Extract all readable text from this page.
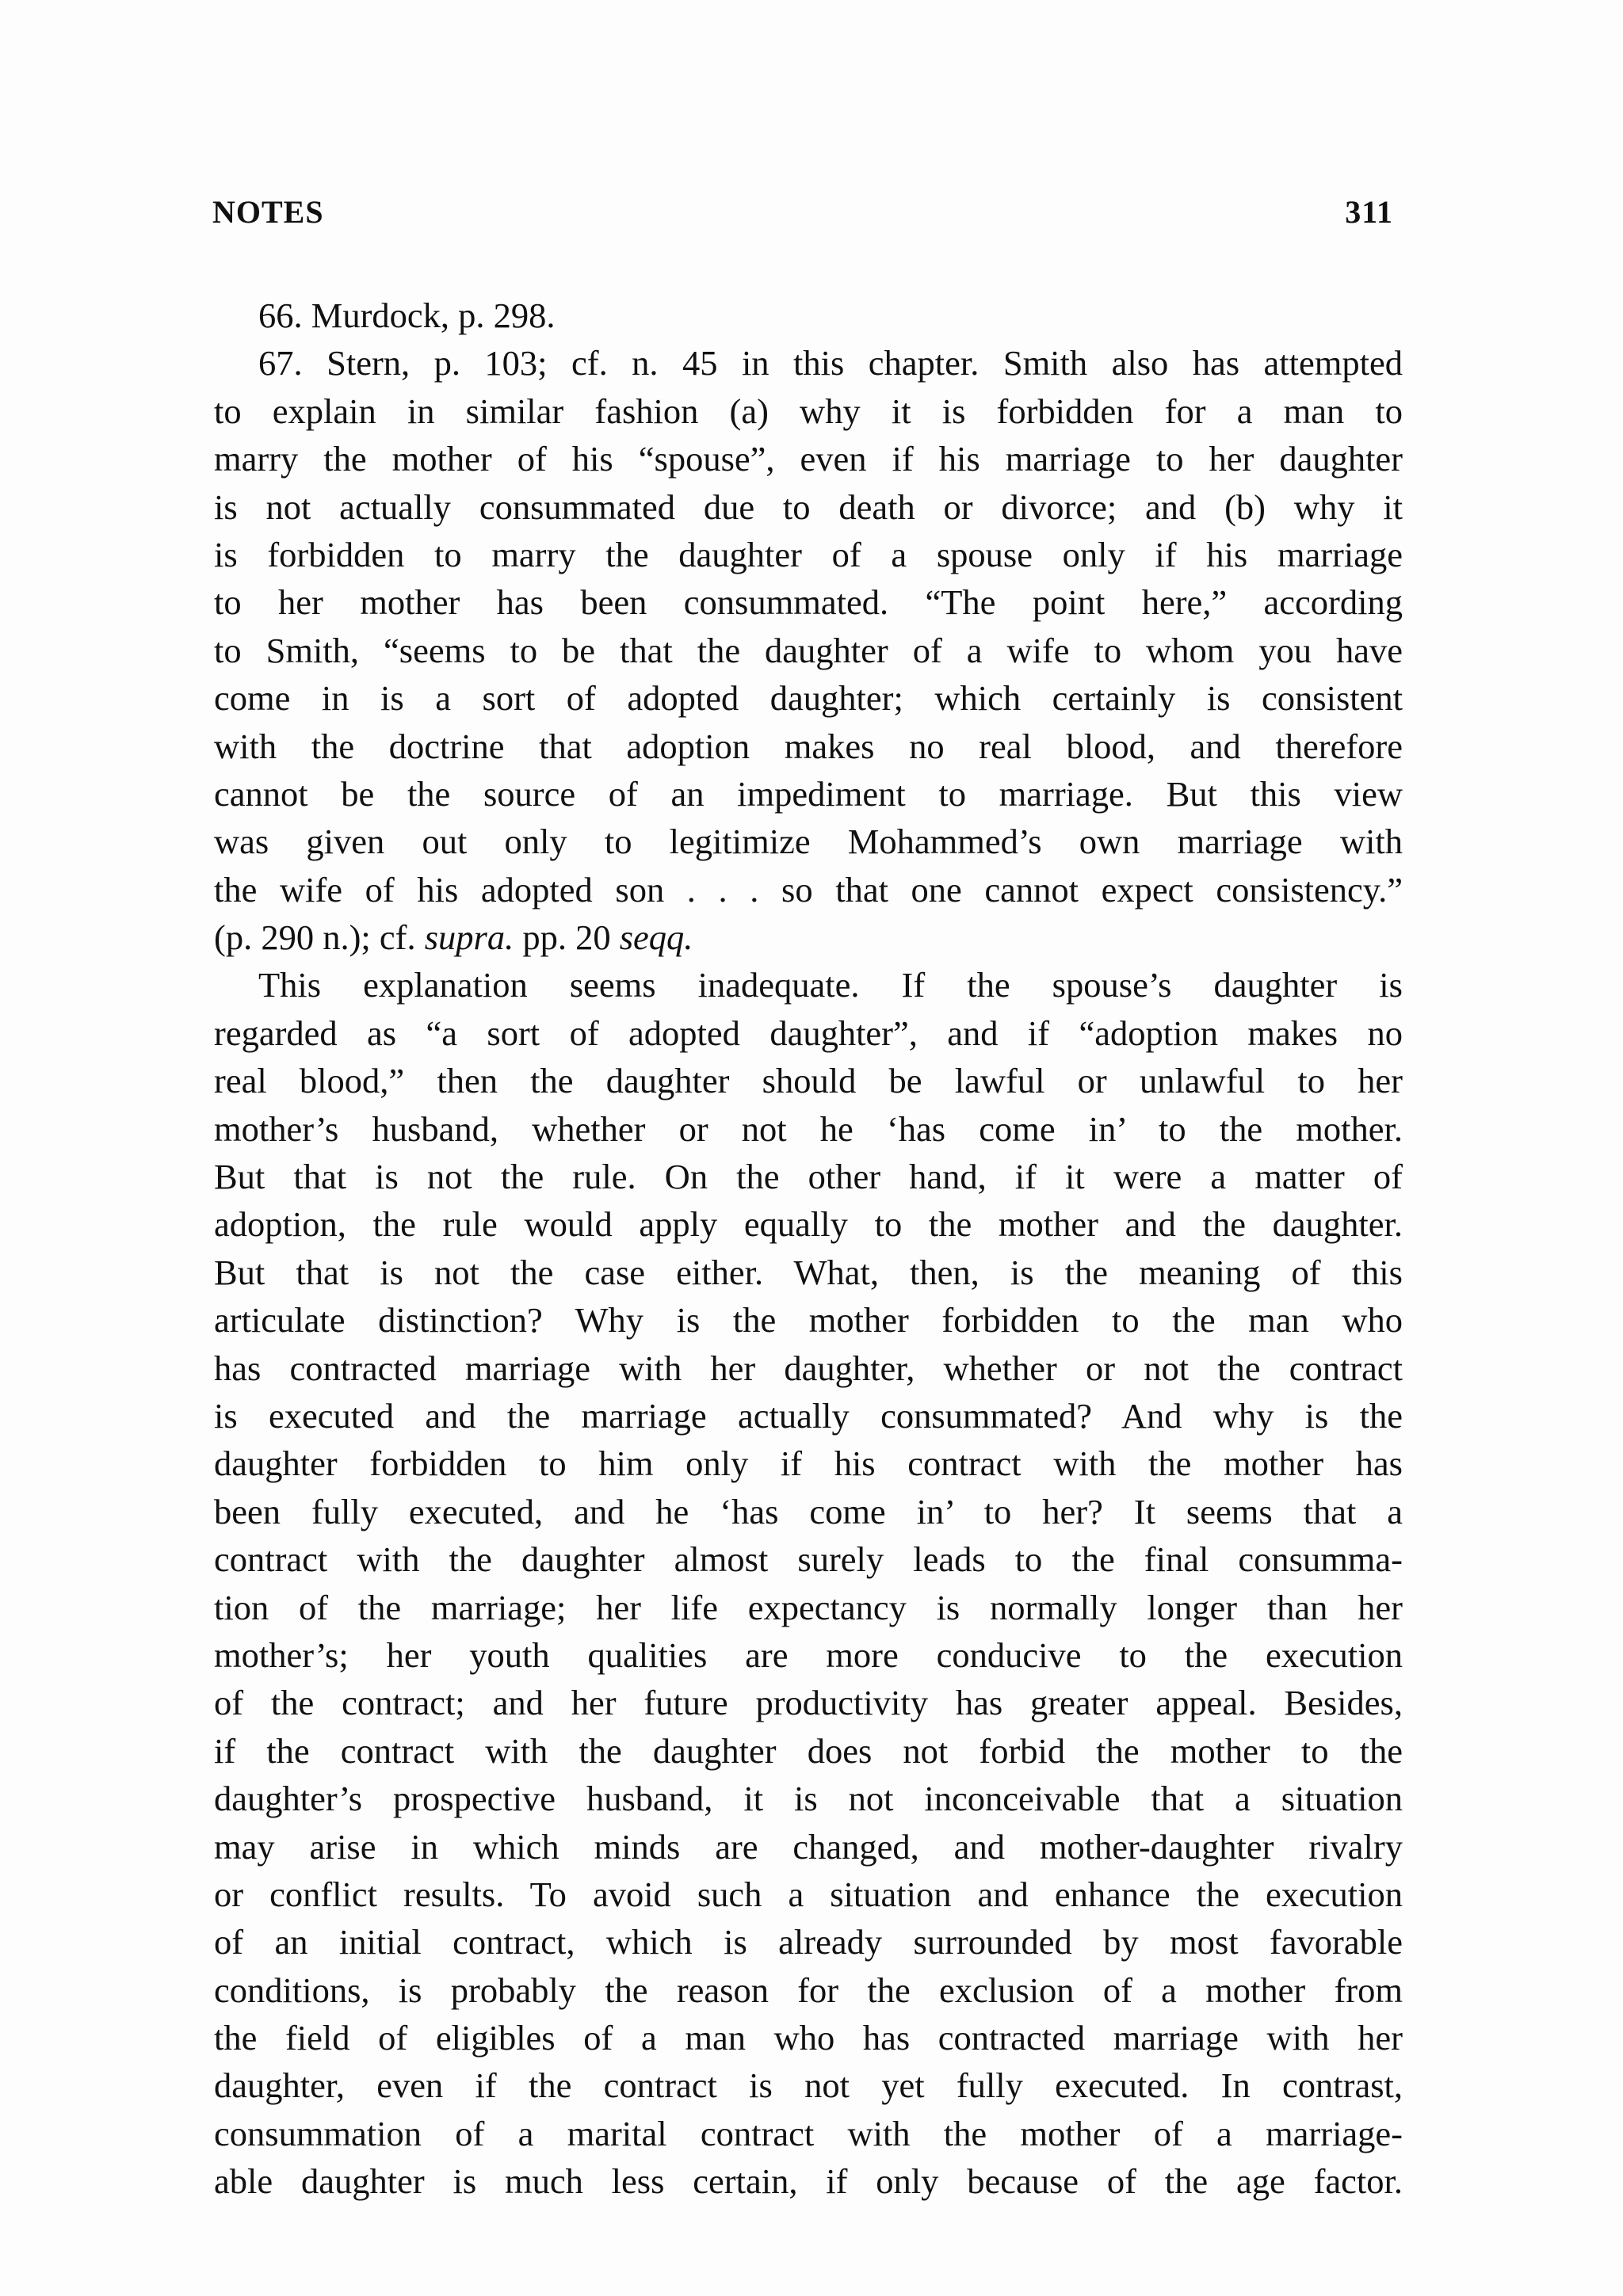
NOTES	311
66. Murdock, p. 298.
67. Stern, p. 103; cf. n. 45 in this chapter. Smith also has attempted
to explain in similar fashion (a) why it is forbidden for a man to
marry the mother of his “spouse”, even if his marriage to her daughter
is not actually consummated due to death or divorce; and (b) why it
is forbidden to marry the daughter of a spouse only if his marriage
to her mother has been consummated. “The point here,” according
to Smith, “seems to be that the daughter of a wife to whom you have
come in is a sort of adopted daughter; which certainly is consistent
with the doctrine that adoption makes no real blood, and therefore
cannot be the source of an impediment to marriage. But this view
was given out only to legitimize Mohammed’s own marriage with
the wife of his adopted son . . . so that one cannot expect consistency.”
(p. 290 n.); cf. supra. pp. 20 seqq.
This explanation seems inadequate. If the spouse’s daughter is
regarded as “a sort of adopted daughter”, and if “adoption makes no
real blood,” then the daughter should be lawful or unlawful to her
mother’s husband, whether or not he ‘has come in’ to the mother.
But that is not the rule. On the other hand, if it were a matter of
adoption, the rule would apply equally to the mother and the daughter.
But that is not the case either. What, then, is the meaning of this
articulate distinction? Why is the mother forbidden to the man who
has contracted marriage with her daughter, whether or not the contract
is executed and the marriage actually consummated? And why is the
daughter forbidden to him only if his contract with the mother has
been fully executed, and he ‘has come in’ to her? It seems that a
contract with the daughter almost surely leads to the final consumma-
tion of the marriage; her life expectancy is normally longer than her
mother’s; her youth qualities are more conducive to the execution
of the contract; and her future productivity has greater appeal. Besides,
if the contract with the daughter does not forbid the mother to the
daughter’s prospective husband, it is not inconceivable that a situation
may arise in which minds are changed, and mother-daughter rivalry
or conflict results. To avoid such a situation and enhance the execution
of an initial contract, which is already surrounded by most favorable
conditions, is probably the reason for the exclusion of a mother from
the field of eligibles of a man who has contracted marriage with her
daughter, even if the contract is not yet fully executed. In contrast,
consummation of a marital contract with the mother of a marriage-
able daughter is much less certain, if only because of the age factor.
